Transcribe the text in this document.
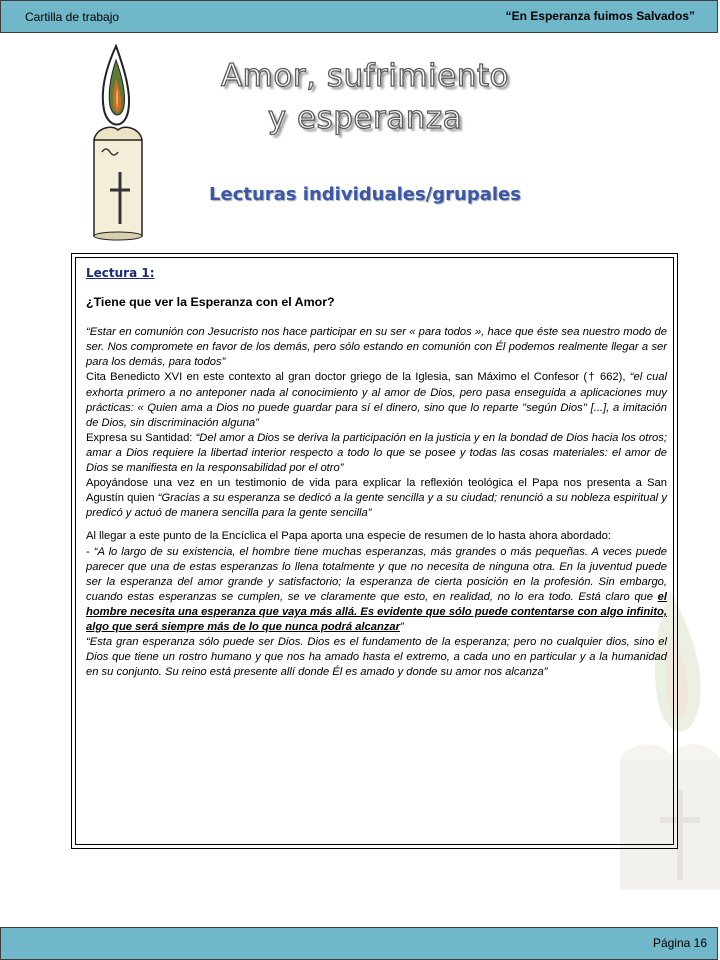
Cartilla de trabajo	“En Esperanza fuimos Salvados”
Amor, sufrimiento
y esperanza
Lecturas individuales/grupales

Lectura 1:

¿Tiene que ver la Esperanza con el Amor?

“Estar en comunión con Jesucristo nos hace participar en su ser « para todos », hace que éste sea nuestro modo de ser. Nos compromete en favor de los demás, pero sólo estando en comunión con Él podemos realmente llegar a ser para los demás, para todos”

Cita Benedicto XVI en este contexto al gran doctor griego de la Iglesia, san Máximo el Confesor († 662), “el cual exhorta primero a no anteponer nada al conocimiento y al amor de Dios, pero pasa enseguida a aplicaciones muy prácticas: « Quien ama a Dios no puede guardar para sí el dinero, sino que lo reparte ''según Dios'' [...], a imitación de Dios, sin discriminación alguna”

Expresa su Santidad: “Del amor a Dios se deriva la participación en la justicia y en la bondad de Dios hacia los otros; amar a Dios requiere la libertad interior respecto a todo lo que se posee y todas las cosas materiales: el amor de Dios se manifiesta en la responsabilidad por el otro”

Apoyándose una vez en un testimonio de vida para explicar la reflexión teológica el Papa nos presenta a San Agustín quien “Gracias a su esperanza se dedicó a la gente sencilla y a su ciudad; renunció a su nobleza espiritual y predicó y actuó de manera sencilla para la gente sencilla”

Al llegar a este punto de la Encíclica el Papa aporta una especie de resumen de lo hasta ahora abordado:

- “A lo largo de su existencia, el hombre tiene muchas esperanzas, más grandes o más pequeñas. A veces puede parecer que una de estas esperanzas lo llena totalmente y que no necesita de ninguna otra. En la juventud puede ser la esperanza del amor grande y satisfactorio; la esperanza de cierta posición en la profesión. Sin embargo, cuando estas esperanzas se cumplen, se ve claramente que esto, en realidad, no lo era todo. Está claro que el hombre necesita una esperanza que vaya más allá. Es evidente que sólo puede contentarse con algo infinito, algo que será siempre más de lo que nunca podrá alcanzar”

“Esta gran esperanza sólo puede ser Dios. Dios es el fundamento de la esperanza; pero no cualquier dios, sino el Dios que tiene un rostro humano y que nos ha amado hasta el extremo, a cada uno en particular y a la humanidad en su conjunto. Su reino está presente allí donde Él es amado y donde su amor nos alcanza”

Página 16
